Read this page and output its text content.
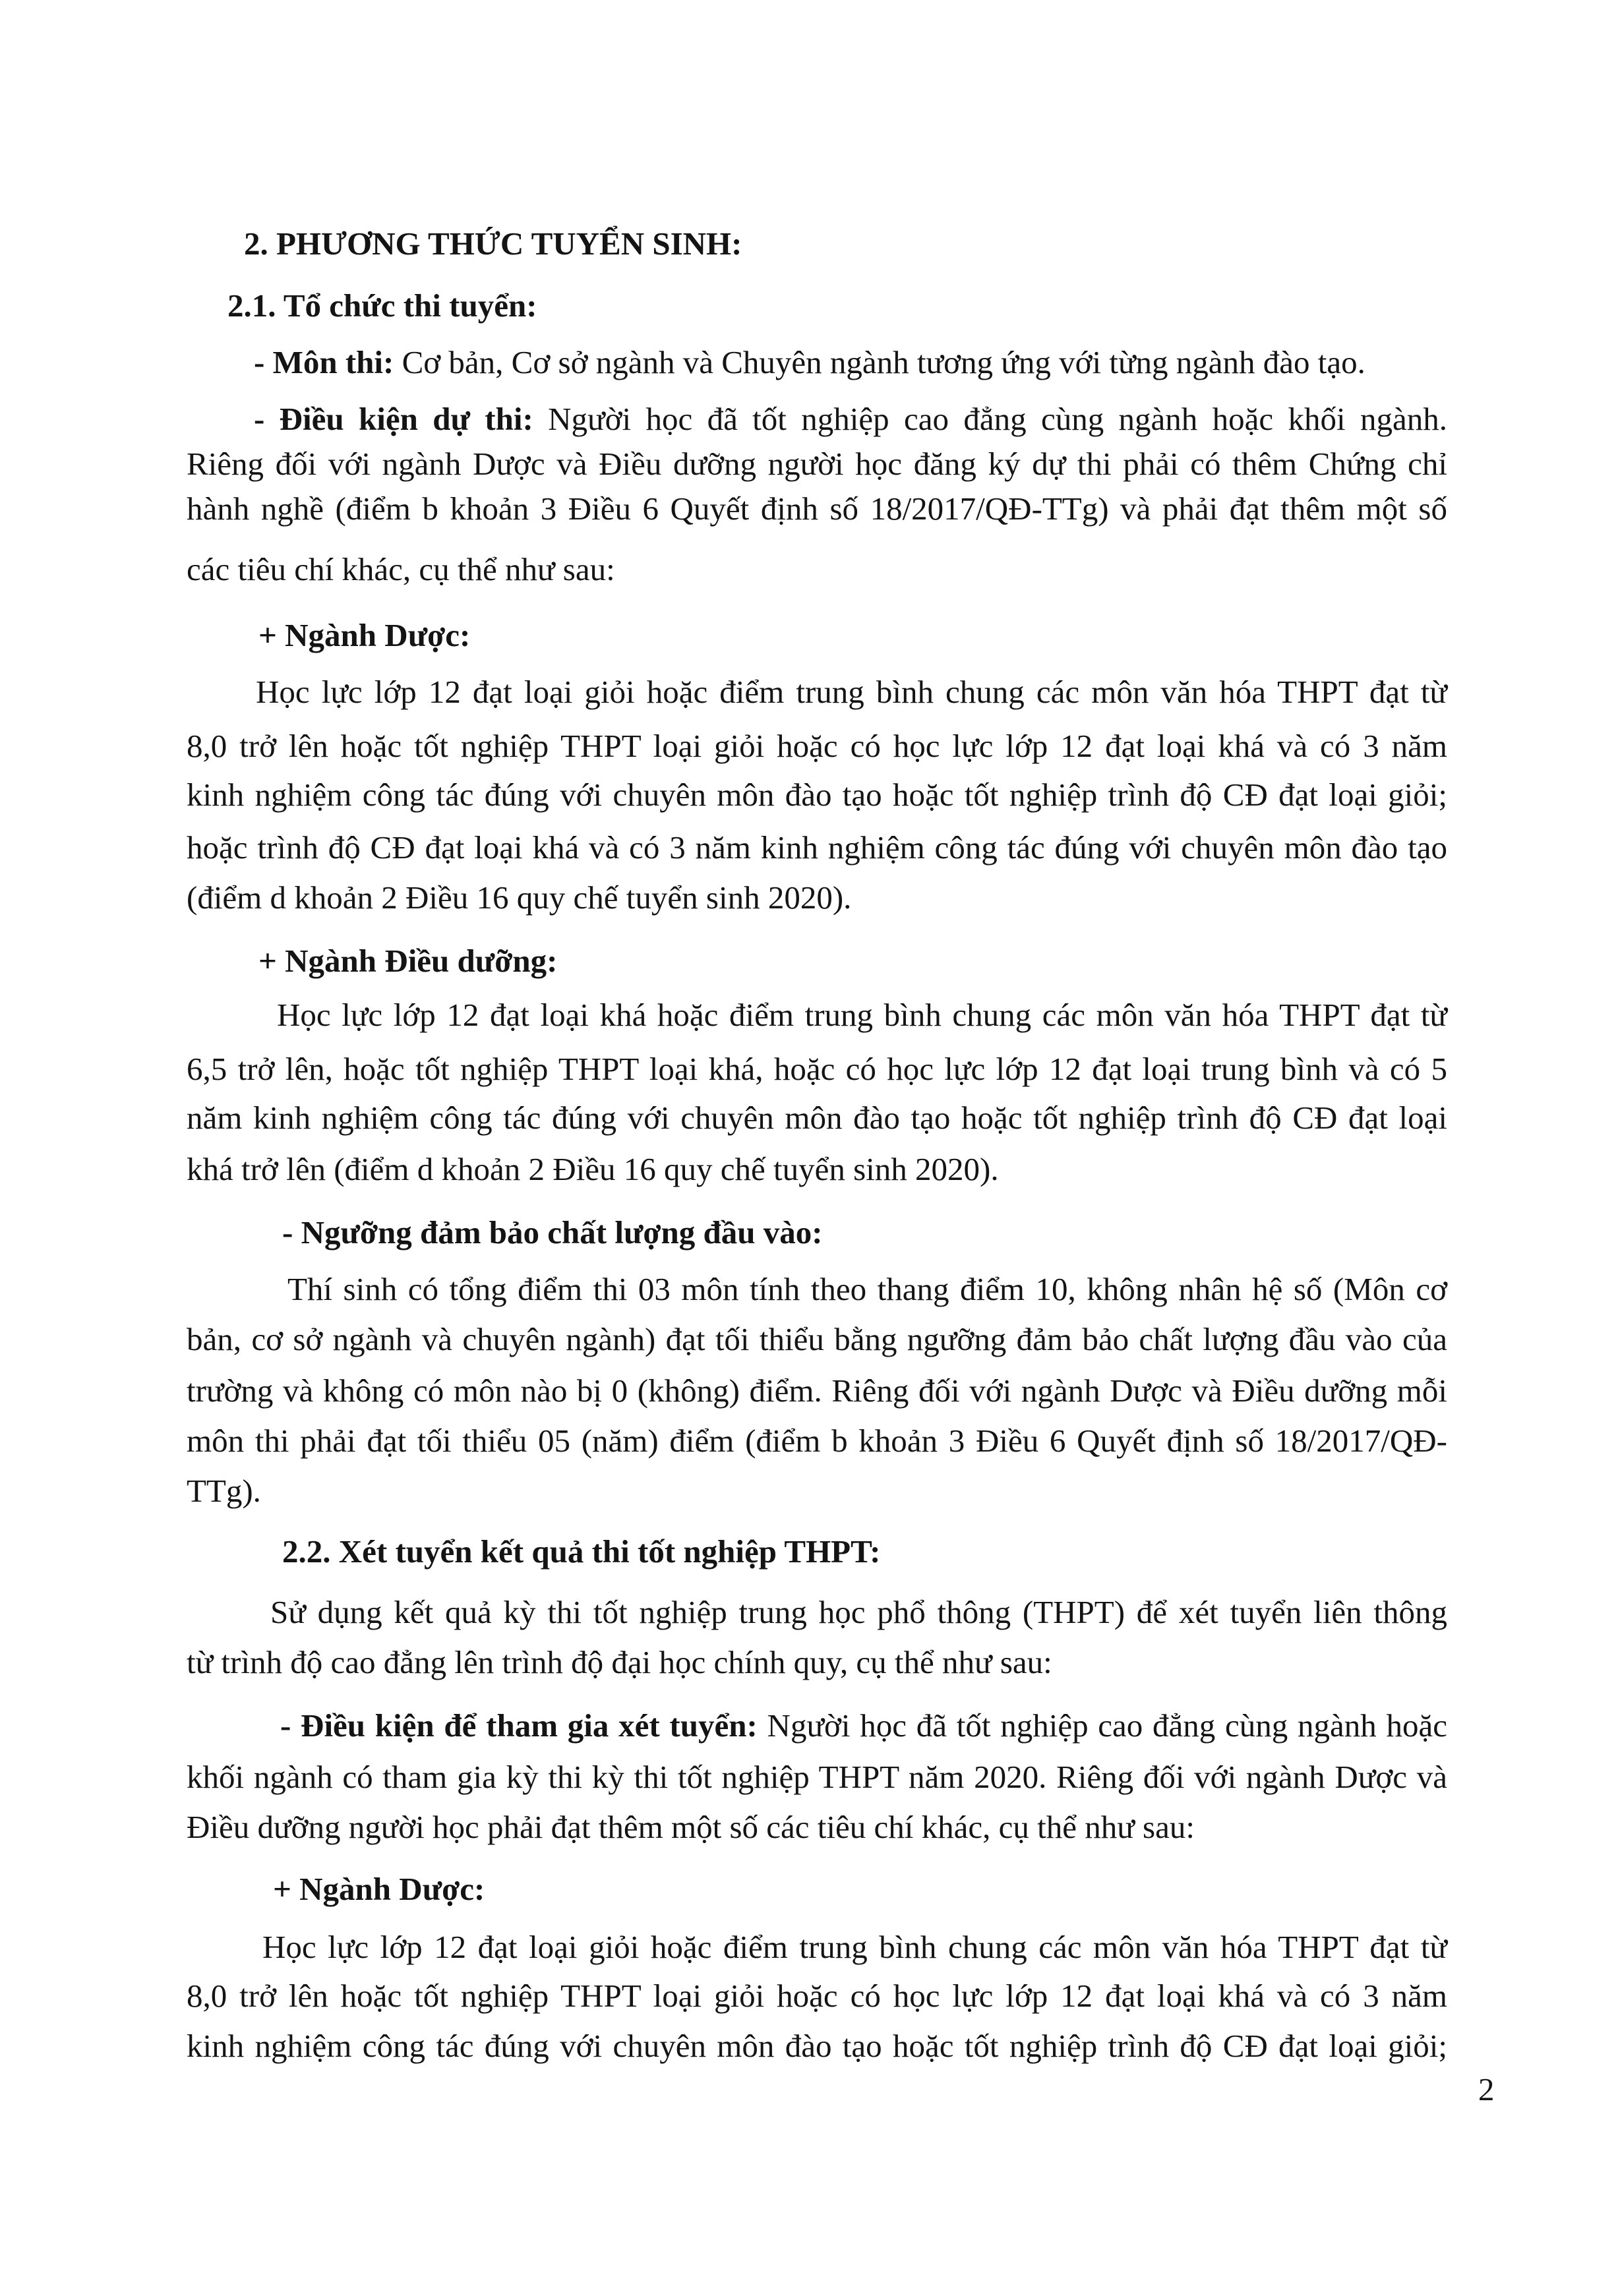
2. PHƯƠNG THỨC TUYỂN SINH:
2.1. Tổ chức thi tuyển:
- Môn thi: Cơ bản, Cơ sở ngành và Chuyên ngành tương ứng với từng ngành đào tạo.
- Điều kiện dự thi: Người học đã tốt nghiệp cao đẳng cùng ngành hoặc khối ngành.
Riêng đối với ngành Dược và Điều dưỡng người học đăng ký dự thi phải có thêm Chứng chỉ
hành nghề (điểm b khoản 3 Điều 6 Quyết định số 18/2017/QĐ-TTg) và phải đạt thêm một số
các tiêu chí khác, cụ thể như sau:
+ Ngành Dược:
Học lực lớp 12 đạt loại giỏi hoặc điểm trung bình chung các môn văn hóa THPT đạt từ
8,0 trở lên hoặc tốt nghiệp THPT loại giỏi hoặc có học lực lớp 12 đạt loại khá và có 3 năm
kinh nghiệm công tác đúng với chuyên môn đào tạo hoặc tốt nghiệp trình độ CĐ đạt loại giỏi;
hoặc trình độ CĐ đạt loại khá và có 3 năm kinh nghiệm công tác đúng với chuyên môn đào tạo
(điểm d khoản 2 Điều 16 quy chế tuyển sinh 2020).
+ Ngành Điều dưỡng:
Học lực lớp 12 đạt loại khá hoặc điểm trung bình chung các môn văn hóa THPT đạt từ
6,5 trở lên, hoặc tốt nghiệp THPT loại khá, hoặc có học lực lớp 12 đạt loại trung bình và có 5
năm kinh nghiệm công tác đúng với chuyên môn đào tạo hoặc tốt nghiệp trình độ CĐ đạt loại
khá trở lên (điểm d khoản 2 Điều 16 quy chế tuyển sinh 2020).
- Ngưỡng đảm bảo chất lượng đầu vào:
Thí sinh có tổng điểm thi 03 môn tính theo thang điểm 10, không nhân hệ số (Môn cơ
bản, cơ sở ngành và chuyên ngành) đạt tối thiểu bằng ngưỡng đảm bảo chất lượng đầu vào của
trường và không có môn nào bị 0 (không) điểm. Riêng đối với ngành Dược và Điều dưỡng mỗi
môn thi phải đạt tối thiểu 05 (năm) điểm (điểm b khoản 3 Điều 6 Quyết định số 18/2017/QĐ-
TTg).
2.2. Xét tuyển kết quả thi tốt nghiệp THPT:
Sử dụng kết quả kỳ thi tốt nghiệp trung học phổ thông (THPT) để xét tuyển liên thông
từ trình độ cao đẳng lên trình độ đại học chính quy, cụ thể như sau:
- Điều kiện để tham gia xét tuyển: Người học đã tốt nghiệp cao đẳng cùng ngành hoặc
khối ngành có tham gia kỳ thi kỳ thi tốt nghiệp THPT năm 2020. Riêng đối với ngành Dược và
Điều dưỡng người học phải đạt thêm một số các tiêu chí khác, cụ thể như sau:
+ Ngành Dược:
Học lực lớp 12 đạt loại giỏi hoặc điểm trung bình chung các môn văn hóa THPT đạt từ
8,0 trở lên hoặc tốt nghiệp THPT loại giỏi hoặc có học lực lớp 12 đạt loại khá và có 3 năm
kinh nghiệm công tác đúng với chuyên môn đào tạo hoặc tốt nghiệp trình độ CĐ đạt loại giỏi;
2
